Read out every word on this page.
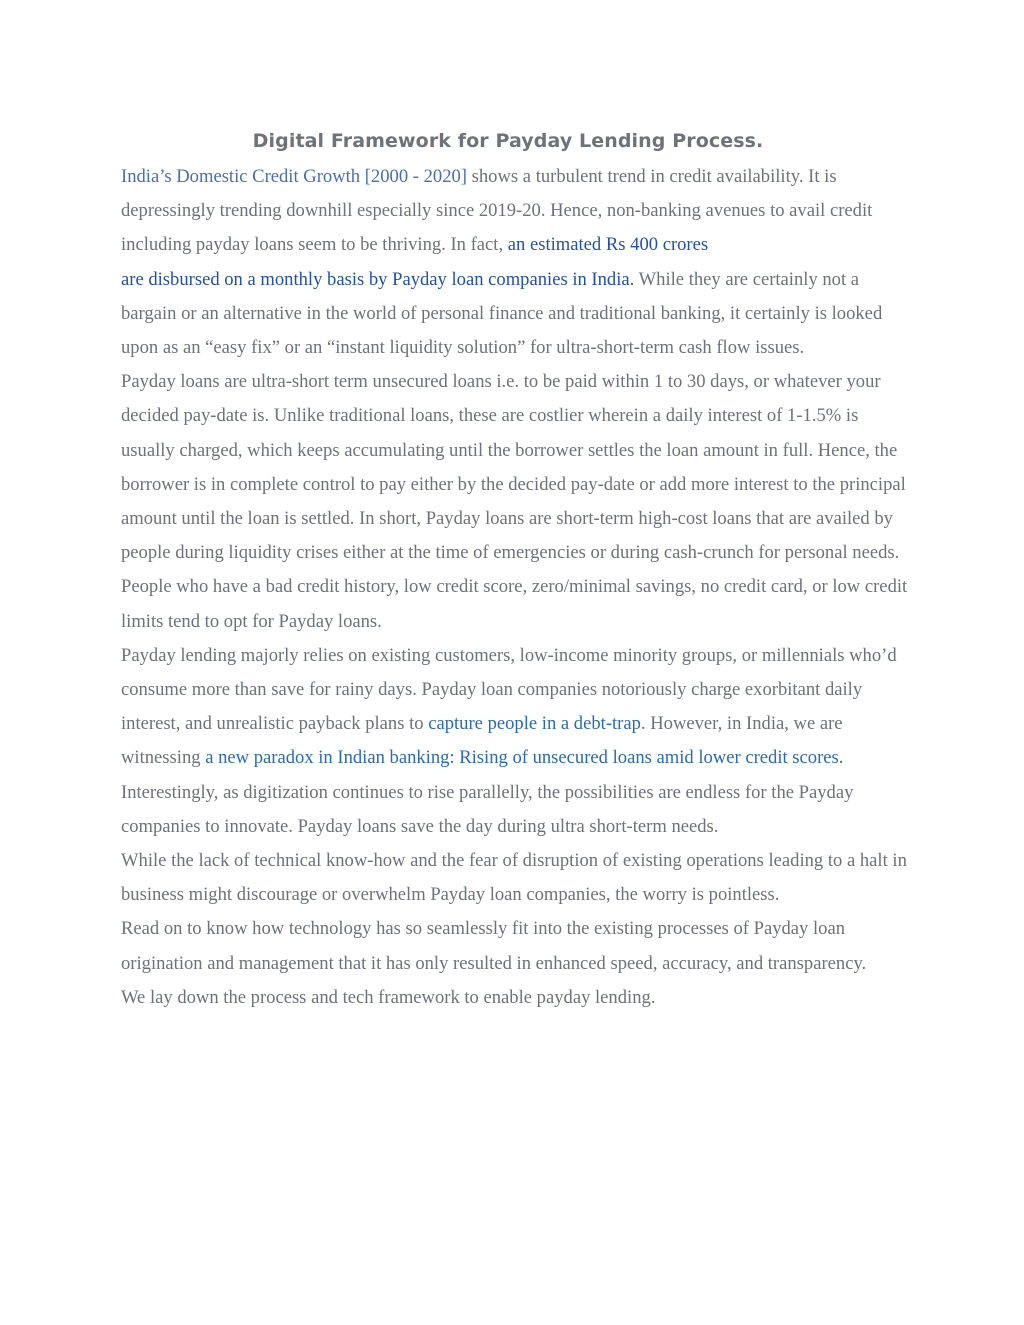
Digital Framework for Payday Lending Process.

India’s Domestic Credit Growth [2000 - 2020] shows a turbulent trend in credit availability. It is depressingly trending downhill especially since 2019-20. Hence, non-banking avenues to avail credit including payday loans seem to be thriving. In fact, an estimated Rs 400 crores
are disbursed on a monthly basis by Payday loan companies in India. While they are certainly not a bargain or an alternative in the world of personal finance and traditional banking, it certainly is looked upon as an “easy fix” or an “instant liquidity solution” for ultra-short-term cash flow issues.

Payday loans are ultra-short term unsecured loans i.e. to be paid within 1 to 30 days, or whatever your decided pay-date is. Unlike traditional loans, these are costlier wherein a daily interest of 1-1.5% is usually charged, which keeps accumulating until the borrower settles the loan amount in full. Hence, the borrower is in complete control to pay either by the decided pay-date or add more interest to the principal amount until the loan is settled. In short, Payday loans are short-term high-cost loans that are availed by people during liquidity crises either at the time of emergencies or during cash-crunch for personal needs. People who have a bad credit history, low credit score, zero/minimal savings, no credit card, or low credit limits tend to opt for Payday loans.

Payday lending majorly relies on existing customers, low-income minority groups, or millennials who’d consume more than save for rainy days. Payday loan companies notoriously charge exorbitant daily interest, and unrealistic payback plans to capture people in a debt-trap. However, in India, we are witnessing a new paradox in Indian banking: Rising of unsecured loans amid lower credit scores. Interestingly, as digitization continues to rise parallelly, the possibilities are endless for the Payday companies to innovate. Payday loans save the day during ultra short-term needs.

While the lack of technical know-how and the fear of disruption of existing operations leading to a halt in business might discourage or overwhelm Payday loan companies, the worry is pointless.

Read on to know how technology has so seamlessly fit into the existing processes of Payday loan origination and management that it has only resulted in enhanced speed, accuracy, and transparency.

We lay down the process and tech framework to enable payday lending.
